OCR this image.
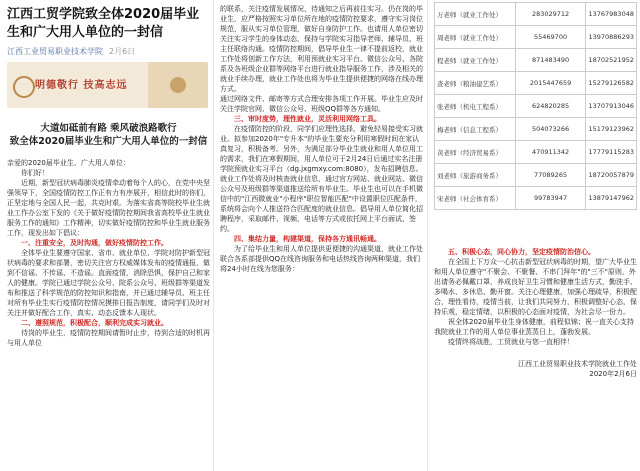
江西工贸学院致全体2020届毕业生和广大用人单位的一封信
江西工业贸易职业技术学院 2月6日
明德敬行 技高志远
大道如砥前有路 乘风破浪路歌行
致全体2020届毕业生和广大用人单位的一封信

亲爱的2020届毕业生、广大用人单位：

你们好！

近期，新型冠状病毒肺炎疫情牵动着每个人的心，在党中央坚强领导下，全国疫情防控工作正有力有序展开，相信此时的你们，正坚定地与全国人民一起，共克时艰。为落实省高等院校毕业生就业工作办公室下发的《关于做好疫情防控期间我省高校毕业生就业服务工作的通知》工作精神，切实做好疫情防控和毕业生就业服务工作，现发出如下倡议：

一、注重安全，及时沟通，做好疫情防控工作。

全体毕业生要遵守国家、省市、就业单位、学院对防护新型冠状病毒的要求和部署，密切关注官方权威媒体发布的疫情通报，做到不信谣、不传谣、不造谣。直面疫情，消除恐惧，保护自己和家人的健康。学院已通过学院公众号、院系公众号、班级群等渠道发布和推送了科学规范的防控知识和指南，并已通过辅导员、班主任对所有毕业生实行疫情防控情况摸排日报告制度，请同学们及时对关注并做好配合工作，真实、动态反馈本人现状。

二、遵照规范，积极配合，顺利完成实习就业。

待岗的毕业生，疫情防控期间请暂时止步，待到合适的时机再与用人单位

的联系，关注疫情发展情况，待通知之后再前往实习。仍在岗的毕业生，应严格按照实习单位所在地的疫情防控要求，遵守实习岗位规范，服从实习单位管理，做好自身防护工作。也请用人单位密切关注实习学生的身体动态，保持与学院实习指导老师、辅导员、班主任联络沟通。疫情防控期间，倡导毕业生一律不提前返校，就业工作处将创新工作方法，利用预就业实习平台、微信公众号、各院系及各班级企业群等网络平台进行就业指导服务工作，涉及相关的就业手续办理，就业工作处也将为毕业生提供便捷的网络在线办理方式。

通过网络文件、邮寄等方式合理安排各项工作开展。毕业生应及时关注学院官网、微信公众号、班级QQ群等各方通知。

三、审时度势，理性就业，灵活利用网络工具。

在疫情防控的阶段，同学们应理性选择，避免轻易接受实习就业。拟参加2020年"专升本"的毕业生要充分利用寒假时间在家认真复习，积极备考。另外，为满足部分毕业生就业和用人单位用工的需求，我们在寒假期间，用人单位可于2月24日后通过实名注册学院预就业实习平台（dg.jxgmxy.com:8080），发布招聘信息。就业工作处将及时核查就业信息，通过官方网站、就业网站、微信公众号及班级群等渠道推送给所有毕业生。毕业生也可以在手机微信中的"江西微就业"小程序"职位智能匹配"中设置职位匹配条件，系统将会向个人推送符合匹配度的就业信息。倡导用人单位简化招聘程序，采取邮件、视频、电话等方式或依托网上平台面试、签约。

四、集结力量，构建渠道，保持各方通讯畅通。

为了给毕业生和用人单位提供更便捷的沟通渠道，就业工作处联合各系部提供QQ在线咨询服务和电话热线咨询两种渠道，我们将24小时在线为您服务：

万老师（就业工作处）	283029712	13767983048
周老师（就业工作处）	55469700	13970886293
程老师（就业工作处）	871483490	18702521952
查老师（粮油建艺系）	2015447659	15279126582
张老师（机电工程系）	624820285	13707913046
梅老师（信息工程系）	504073266	15179123962
黄老师（经济贸易系）	470911342	17779115283
刘老师（旅游商务系）	77089265	18720057879
宋老师（社会体育系）	99783947	13879147962

五、积极心态，同心协力，坚定疫情防治信心。

在全国上下万众一心抗击新型冠状病毒的时期，望广大毕业生和用人单位遵守"不聚会、不聚餐、不串门拜年"的"三不"原则，外出请务必佩戴口罩，养成良好卫生习惯和健康生活方式，勤洗手、多喝水、多休息、勤开窗。关注心理健康，加强心理疏导，积极配合，理性看待，疫情当前，让我们共同努力，积极调整好心态，保持乐观，稳定情绪，以积极的心态面对疫情，为社会尽一份力。

祝全体2020届毕业生身体健康，前程似锦；祝一直关心支持我院就业工作的用人单位事业蒸蒸日上，蓬勃发展。

疫情终将战胜，工贸就业与您一直相伴！

江西工业贸易职业技术学院就业工作处

2020年2月6日
